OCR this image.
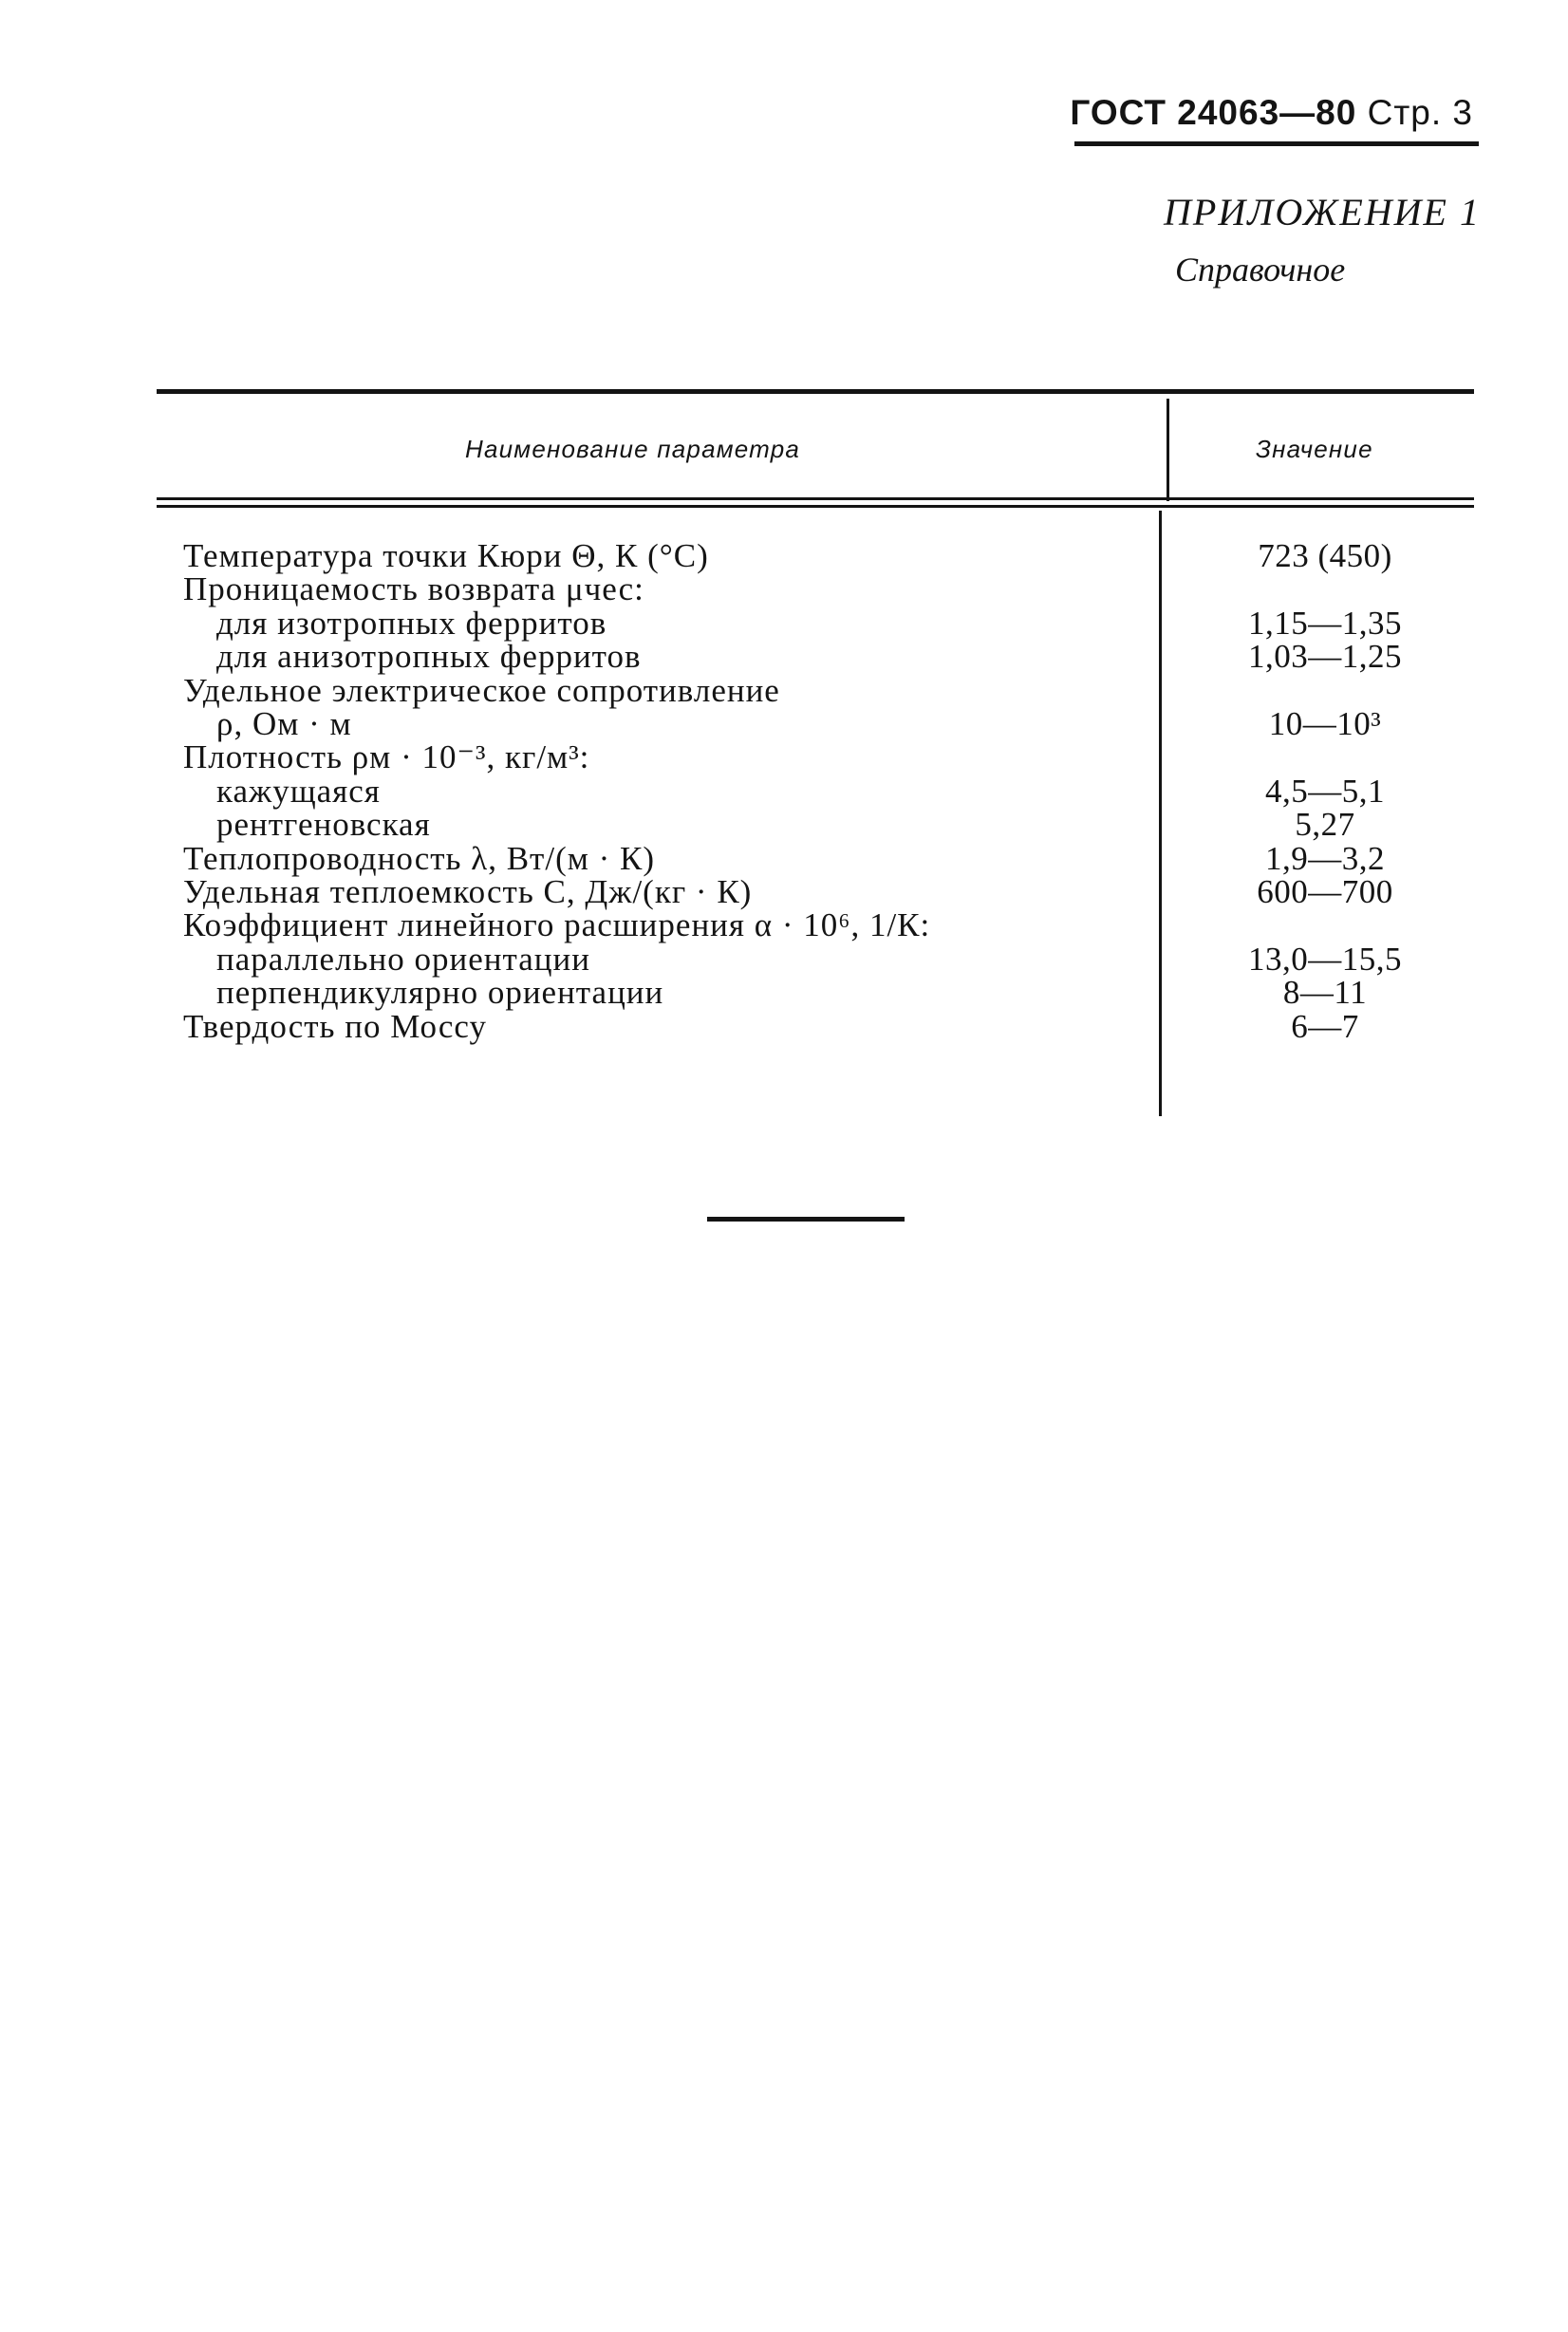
ГОСТ 24063—80 Стр. 3
ПРИЛОЖЕНИЕ 1
Справочное
Наименование параметра	Значение
Температура точки Кюри Θ, К (°С)	723 (450)
Проницаемость возврата μчес:
для изотропных ферритов	1,15—1,35
для анизотропных ферритов	1,03—1,25
Удельное электрическое сопротивление
ρ, Ом · м	10—10³
Плотность ρм · 10⁻³, кг/м³:
кажущаяся	4,5—5,1
рентгеновская	5,27
Теплопроводность λ, Вт/(м · К)	1,9—3,2
Удельная теплоемкость С, Дж/(кг · К)	600—700
Коэффициент линейного расширения α · 10⁶, 1/К:
параллельно ориентации	13,0—15,5
перпендикулярно ориентации	8—11
Твердость по Моссу	6—7
